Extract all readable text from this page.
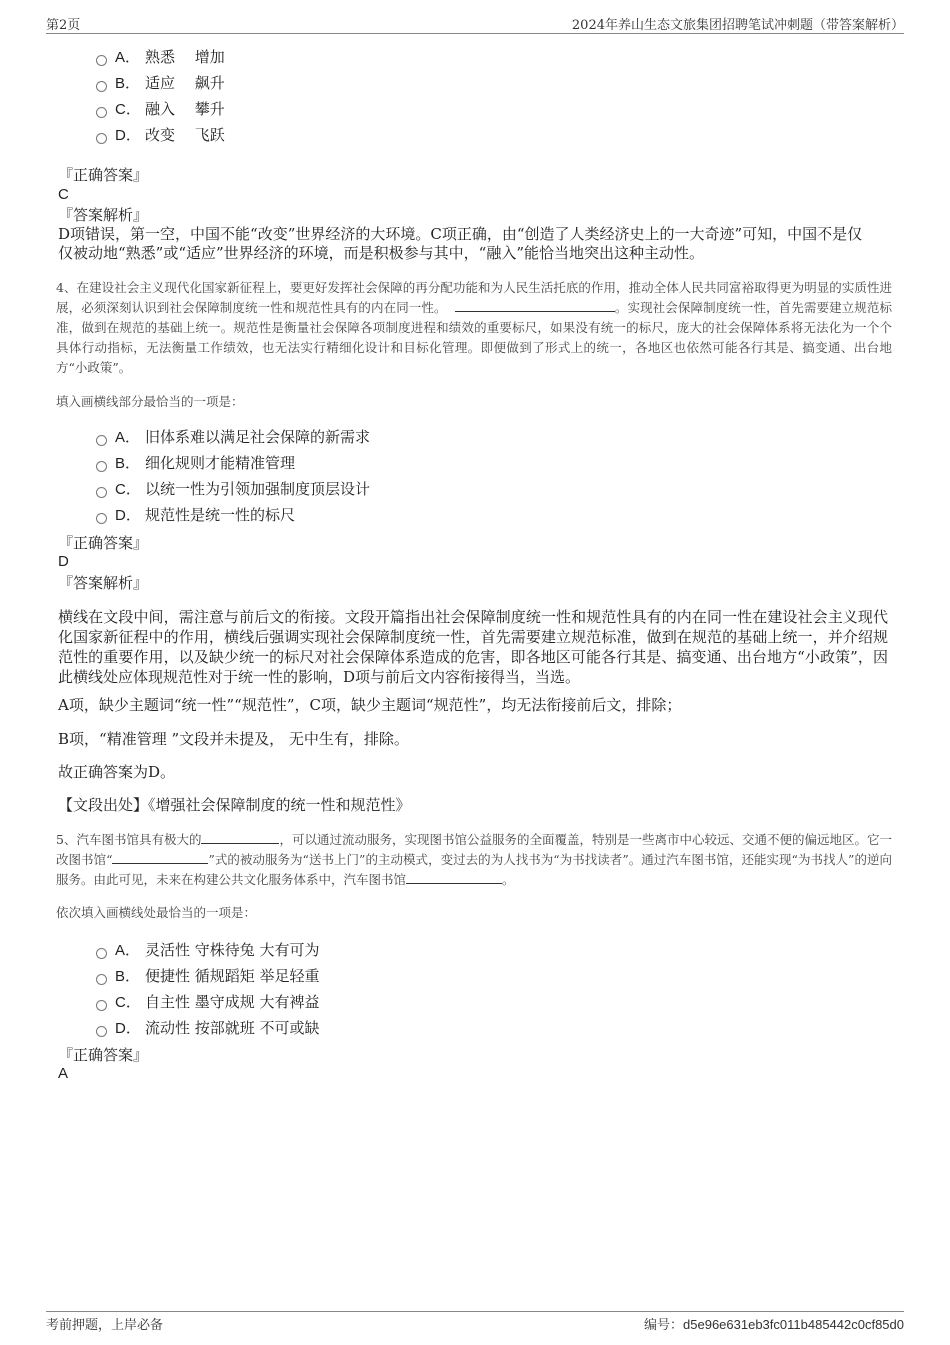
第2页	2024年养山生态文旅集团招聘笔试冲刺题（带答案解析）
A． 熟悉　 增加
B． 适应　 飙升
C． 融入　 攀升
D． 改变　 飞跃
『正确答案』
C
『答案解析』
D项错误，第一空，中国不能“改变”世界经济的大环境。C项正确，由“创造了人类经济史上的一大奇迹”可知，中国不是仅
仅被动地“熟悉”或“适应”世界经济的环境，而是积极参与其中，“融入”能恰当地突出这种主动性。
4、在建设社会主义现代化国家新征程上，要更好发挥社会保障的再分配功能和为人民生活托底的作用，推动全体人民共同富裕取得更为明显的实质性进展，必须深刻认识到社会保障制度统一性和规范性具有的内在同一性。	。实现社会保障制度统一性，首先需要建立规范标准，做到在规范的基础上统一。规范性是衡量社会保障各项制度进程和绩效的重要标尺，如果没有统一的标尺，庞大的社会保障体系将无法化为一个个具体行动指标，无法衡量工作绩效，也无法实行精细化设计和目标化管理。即便做到了形式上的统一，各地区也依然可能各行其是、搞变通、出台地方“小政策”。
填入画横线部分最恰当的一项是：
A． 旧体系难以满足社会保障的新需求
B． 细化规则才能精准管理
C． 以统一性为引领加强制度顶层设计
D． 规范性是统一性的标尺
『正确答案』
D
『答案解析』
横线在文段中间，需注意与前后文的衔接。文段开篇指出社会保障制度统一性和规范性具有的内在同一性在建设社会主义现代化国家新征程中的作用，横线后强调实现社会保障制度统一性，首先需要建立规范标准，做到在规范的基础上统一，并介绍规范性的重要作用，以及缺少统一的标尺对社会保障体系造成的危害，即各地区可能各行其是、搞变通、出台地方“小政策”，因此横线处应体现规范性对于统一性的影响，D项与前后文内容衔接得当，当选。
A项，缺少主题词“统一性”“规范性”，C项，缺少主题词“规范性”，均无法衔接前后文，排除；
B项，“精准管理 ”文段并未提及， 无中生有，排除。
故正确答案为D。
【文段出处】《增强社会保障制度的统一性和规范性》
5、汽车图书馆具有极大的	，可以通过流动服务，实现图书馆公益服务的全面覆盖，特别是一些离市中心较远、交通不便的偏远地区。它一改图书馆“	”式的被动服务为“送书上门”的主动模式，变过去的为人找书为“为书找读者”。通过汽车图书馆，还能实现“为书找人”的逆向服务。由此可见，未来在构建公共文化服务体系中，汽车图书馆	。
依次填入画横线处最恰当的一项是：
A． 灵活性 守株待兔 大有可为
B． 便捷性 循规蹈矩 举足轻重
C． 自主性 墨守成规 大有裨益
D． 流动性 按部就班 不可或缺
『正确答案』
A
考前押题，上岸必备	编号：d5e96e631eb3fc011b485442c0cf85d0
